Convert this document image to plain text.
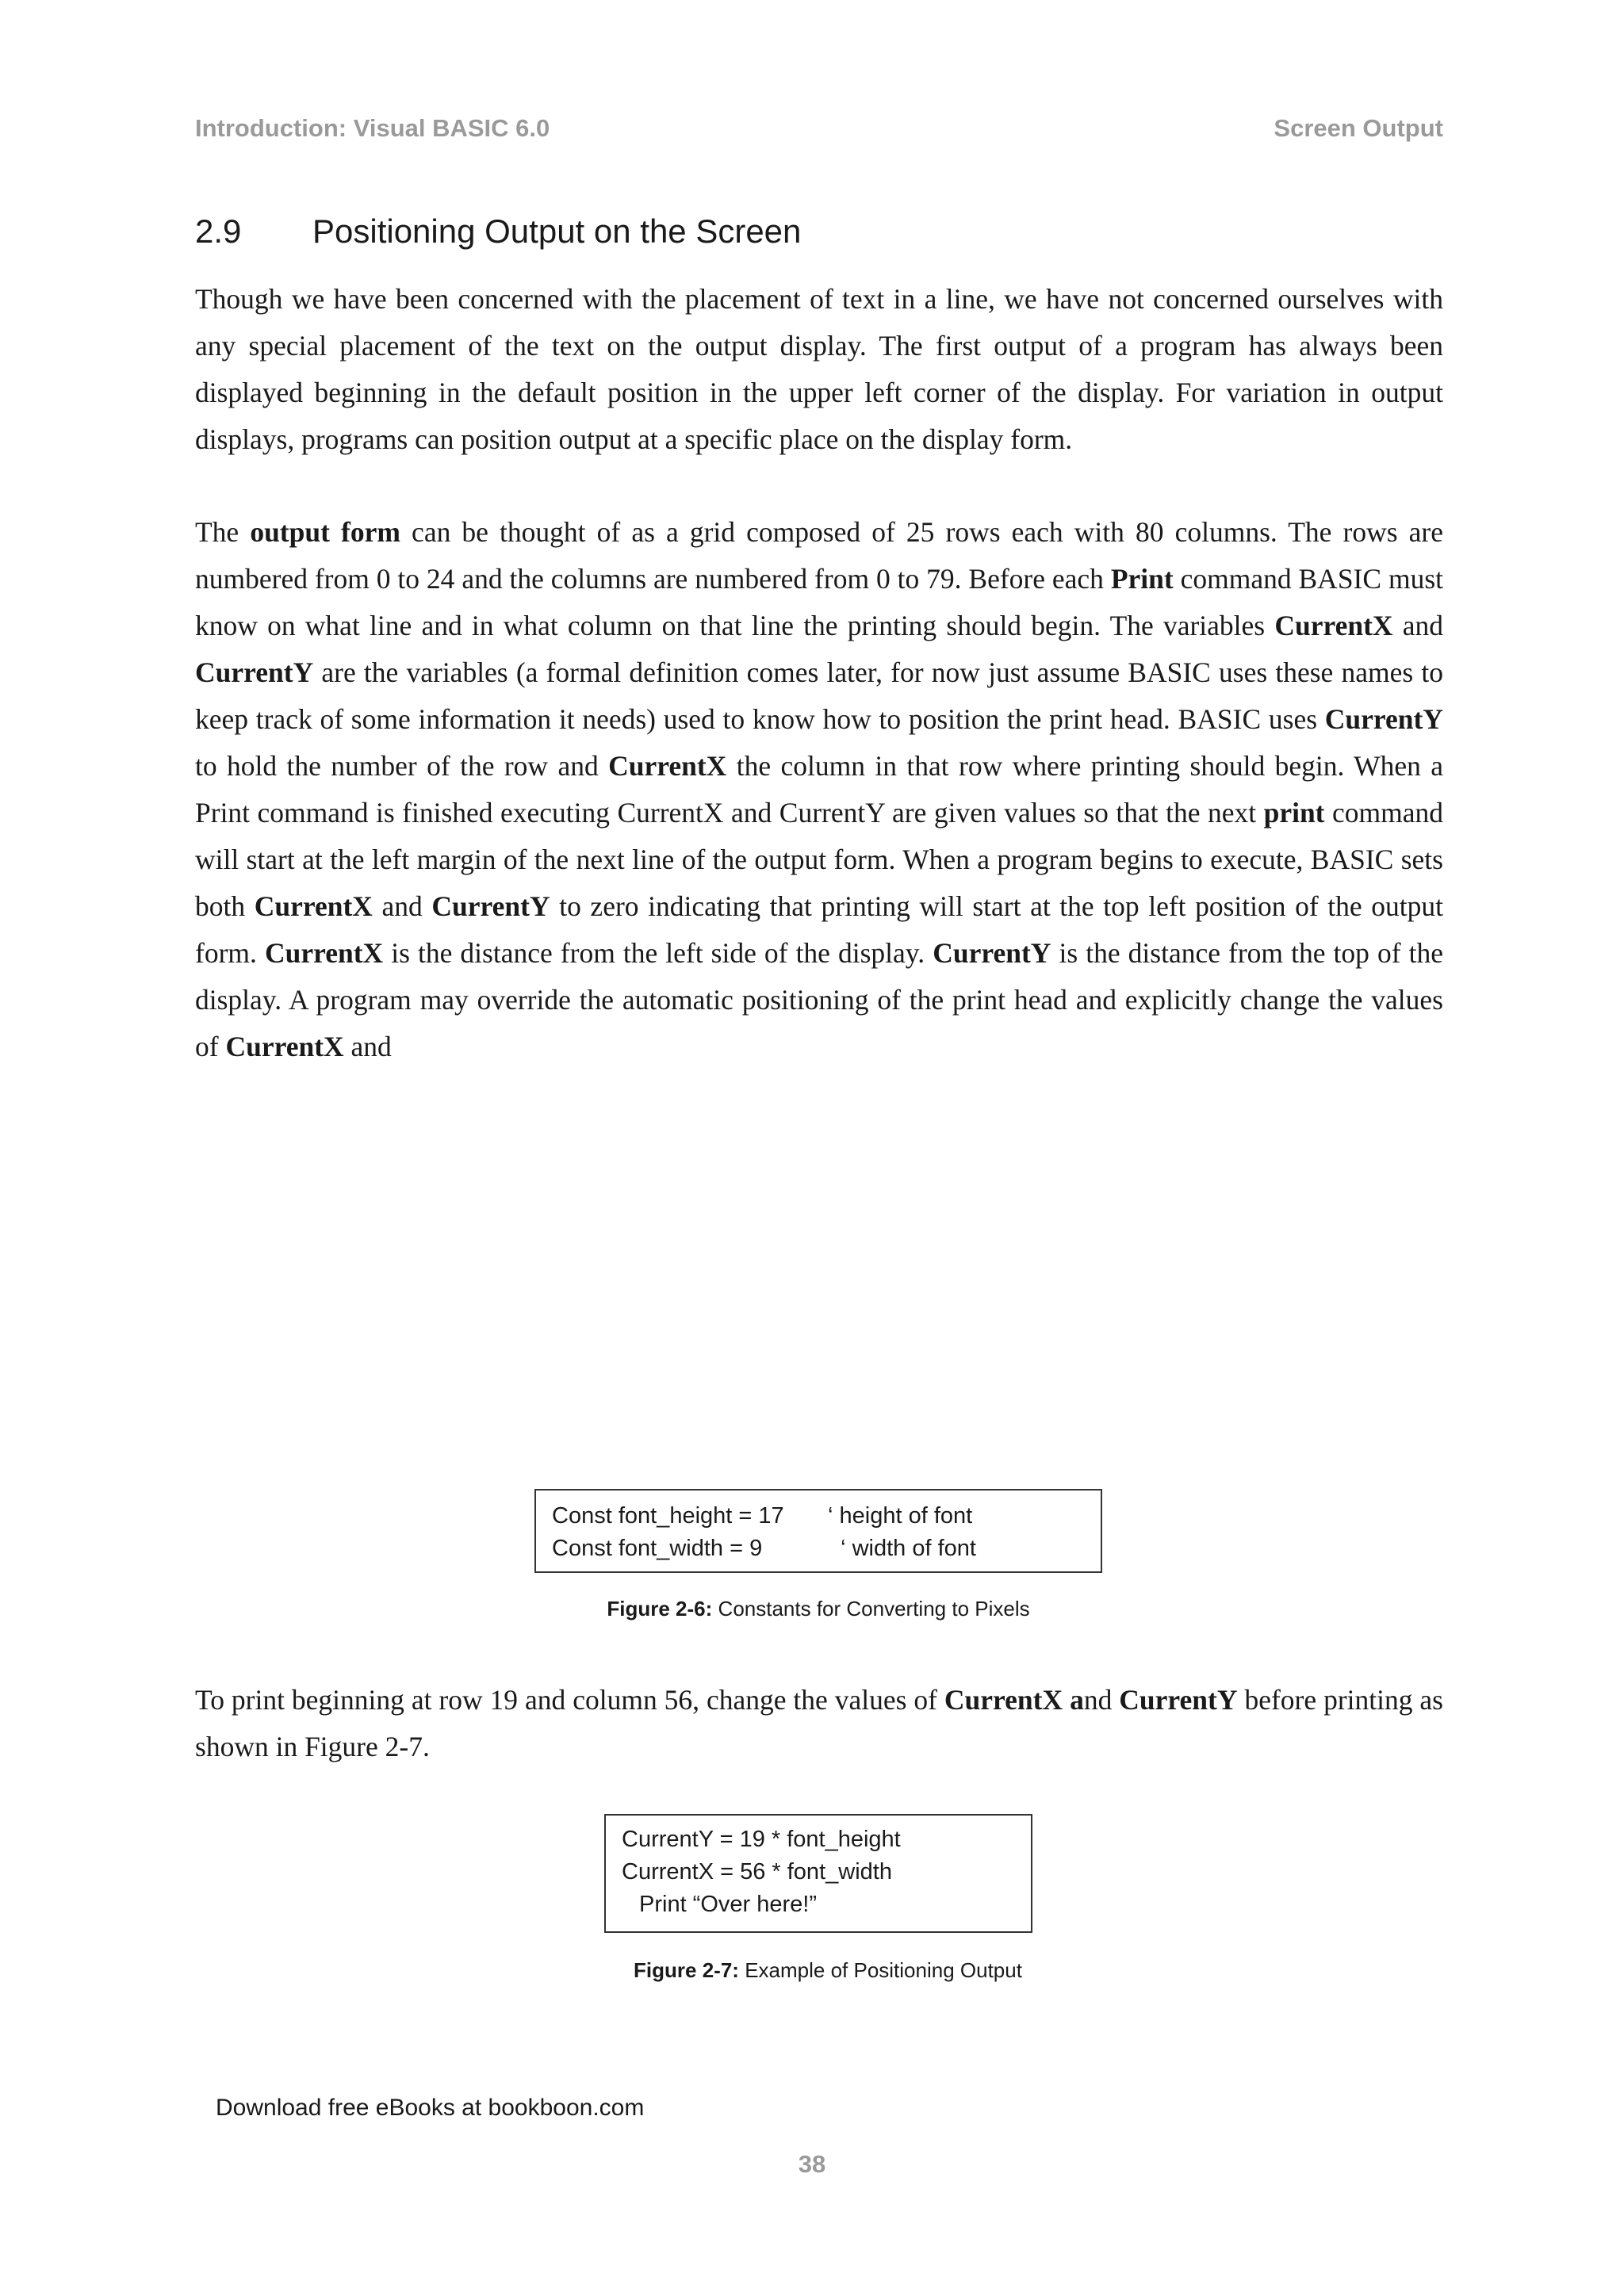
Introduction: Visual BASIC 6.0	Screen Output
2.9	Positioning Output on the Screen

Though we have been concerned with the placement of text in a line, we have not concerned ourselves with any special placement of the text on the output display. The first output of a program has always been displayed beginning in the default position in the upper left corner of the display. For variation in output displays, programs can position output at a specific place on the display form.

The output form can be thought of as a grid composed of 25 rows each with 80 columns. The rows are numbered from 0 to 24 and the columns are numbered from 0 to 79. Before each Print command BASIC must know on what line and in what column on that line the printing should begin. The variables CurrentX and CurrentY are the variables (a formal definition comes later, for now just assume BASIC uses these names to keep track of some information it needs) used to know how to position the print head. BASIC uses CurrentY to hold the number of the row and CurrentX the column in that row where printing should begin. When a Print command is finished executing CurrentX and CurrentY are given values so that the next print command will start at the left margin of the next line of the output form. When a program begins to execute, BASIC sets both CurrentX and CurrentY to zero indicating that printing will start at the top left position of the output form. CurrentX is the distance from the left side of the display. CurrentY is the distance from the top of the display. A program may override the automatic positioning of the print head and explicitly change the values of CurrentX and

Const font_height = 17	‘ height of font
Const font_width = 9	‘ width of font
Figure 2-6: Constants for Converting to Pixels

To print beginning at row 19 and column 56, change the values of CurrentX and CurrentY before printing as shown in Figure 2-7.

CurrentY = 19 * font_height
CurrentX = 56 * font_width
Print “Over here!”
Figure 2-7: Example of Positioning Output
Download free eBooks at bookboon.com
38
